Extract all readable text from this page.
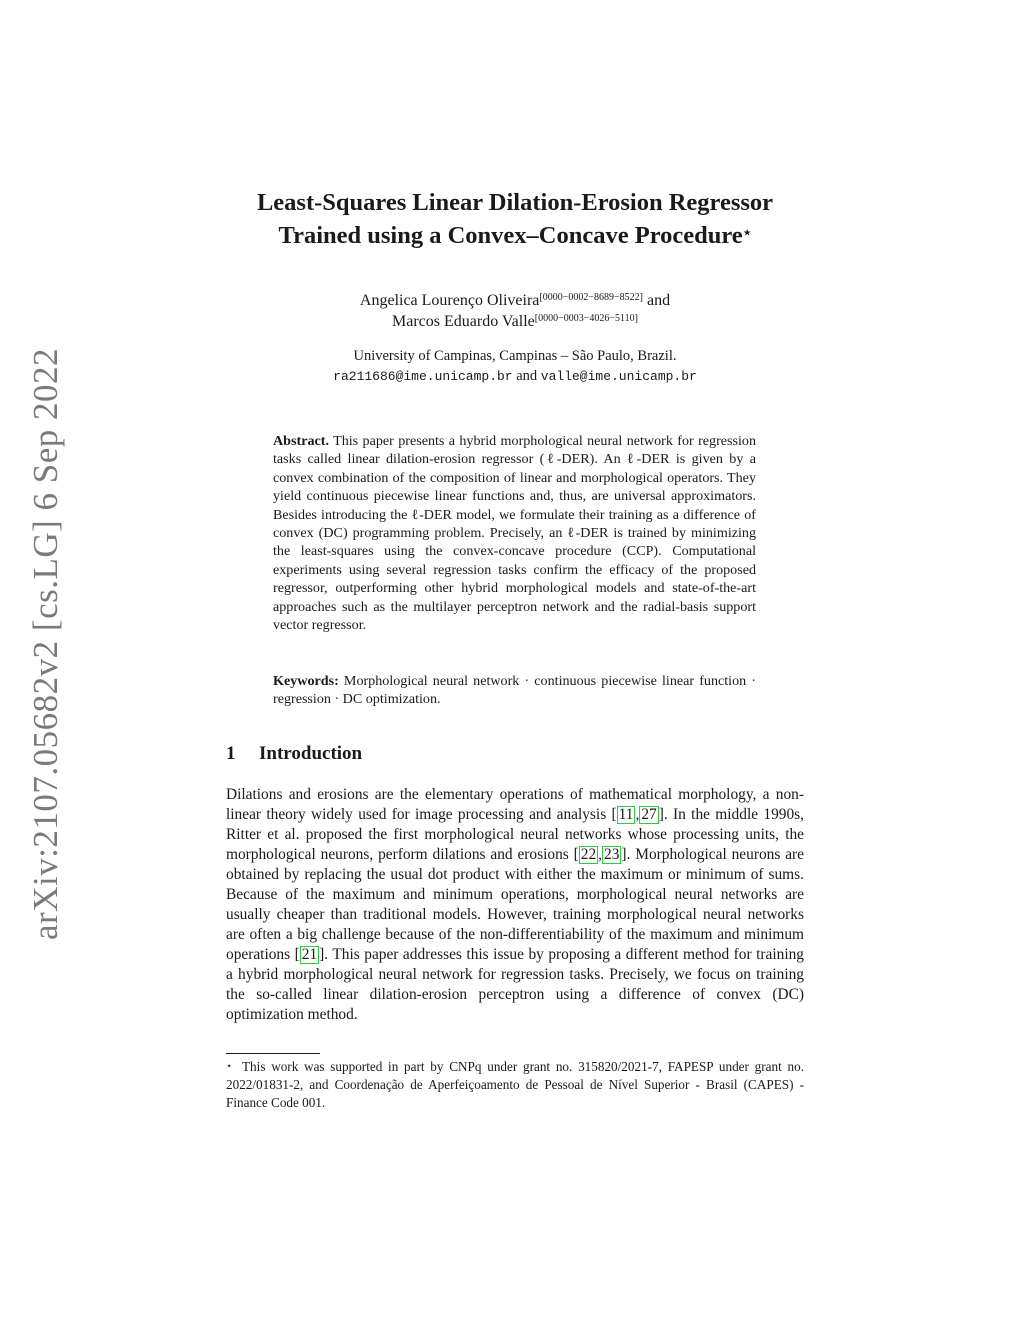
arXiv:2107.05682v2 [cs.LG] 6 Sep 2022
Least-Squares Linear Dilation-Erosion Regressor
Trained using a Convex–Concave Procedure⋆
Angelica Lourenço Oliveira[0000−0002−8689−8522] and
Marcos Eduardo Valle[0000−0003−4026−5110]
University of Campinas, Campinas – São Paulo, Brazil.
ra211686@ime.unicamp.br and valle@ime.unicamp.br
Abstract. This paper presents a hybrid morphological neural network for regression tasks called linear dilation-erosion regressor (ℓ-DER). An ℓ-DER is given by a convex combination of the composition of linear and morphological operators. They yield continuous piecewise linear functions and, thus, are universal approximators. Besides introducing the ℓ-DER model, we formulate their training as a difference of convex (DC) programming problem. Precisely, an ℓ-DER is trained by minimizing the least-squares using the convex-concave procedure (CCP). Computational experiments using several regression tasks confirm the efficacy of the proposed regressor, outperforming other hybrid morphological models and state-of-the-art approaches such as the multilayer perceptron network and the radial-basis support vector regressor.
Keywords: Morphological neural network · continuous piecewise linear function · regression · DC optimization.
1 Introduction

Dilations and erosions are the elementary operations of mathematical morphology, a non-linear theory widely used for image processing and analysis [ 11 , 27 ]. In the middle 1990s, Ritter et al. proposed the first morphological neural networks whose processing units, the morphological neurons, perform dilations and erosions [ 22 , 23 ]. Morphological neurons are obtained by replacing the usual dot product with either the maximum or minimum of sums. Because of the maximum and minimum operations, morphological neural networks are usually cheaper than traditional models. However, training morphological neural networks are often a big challenge because of the non-differentiability of the maximum and minimum operations [ 21 ]. This paper addresses this issue by proposing a different method for training a hybrid morphological neural network for regression tasks. Precisely, we focus on training the so-called linear dilation-erosion perceptron using a difference of convex (DC) optimization method.

⋆ This work was supported in part by CNPq under grant no. 315820/2021-7, FAPESP under grant no. 2022/01831-2, and Coordenação de Aperfeiçoamento de Pessoal de Nível Superior - Brasil (CAPES) - Finance Code 001.
